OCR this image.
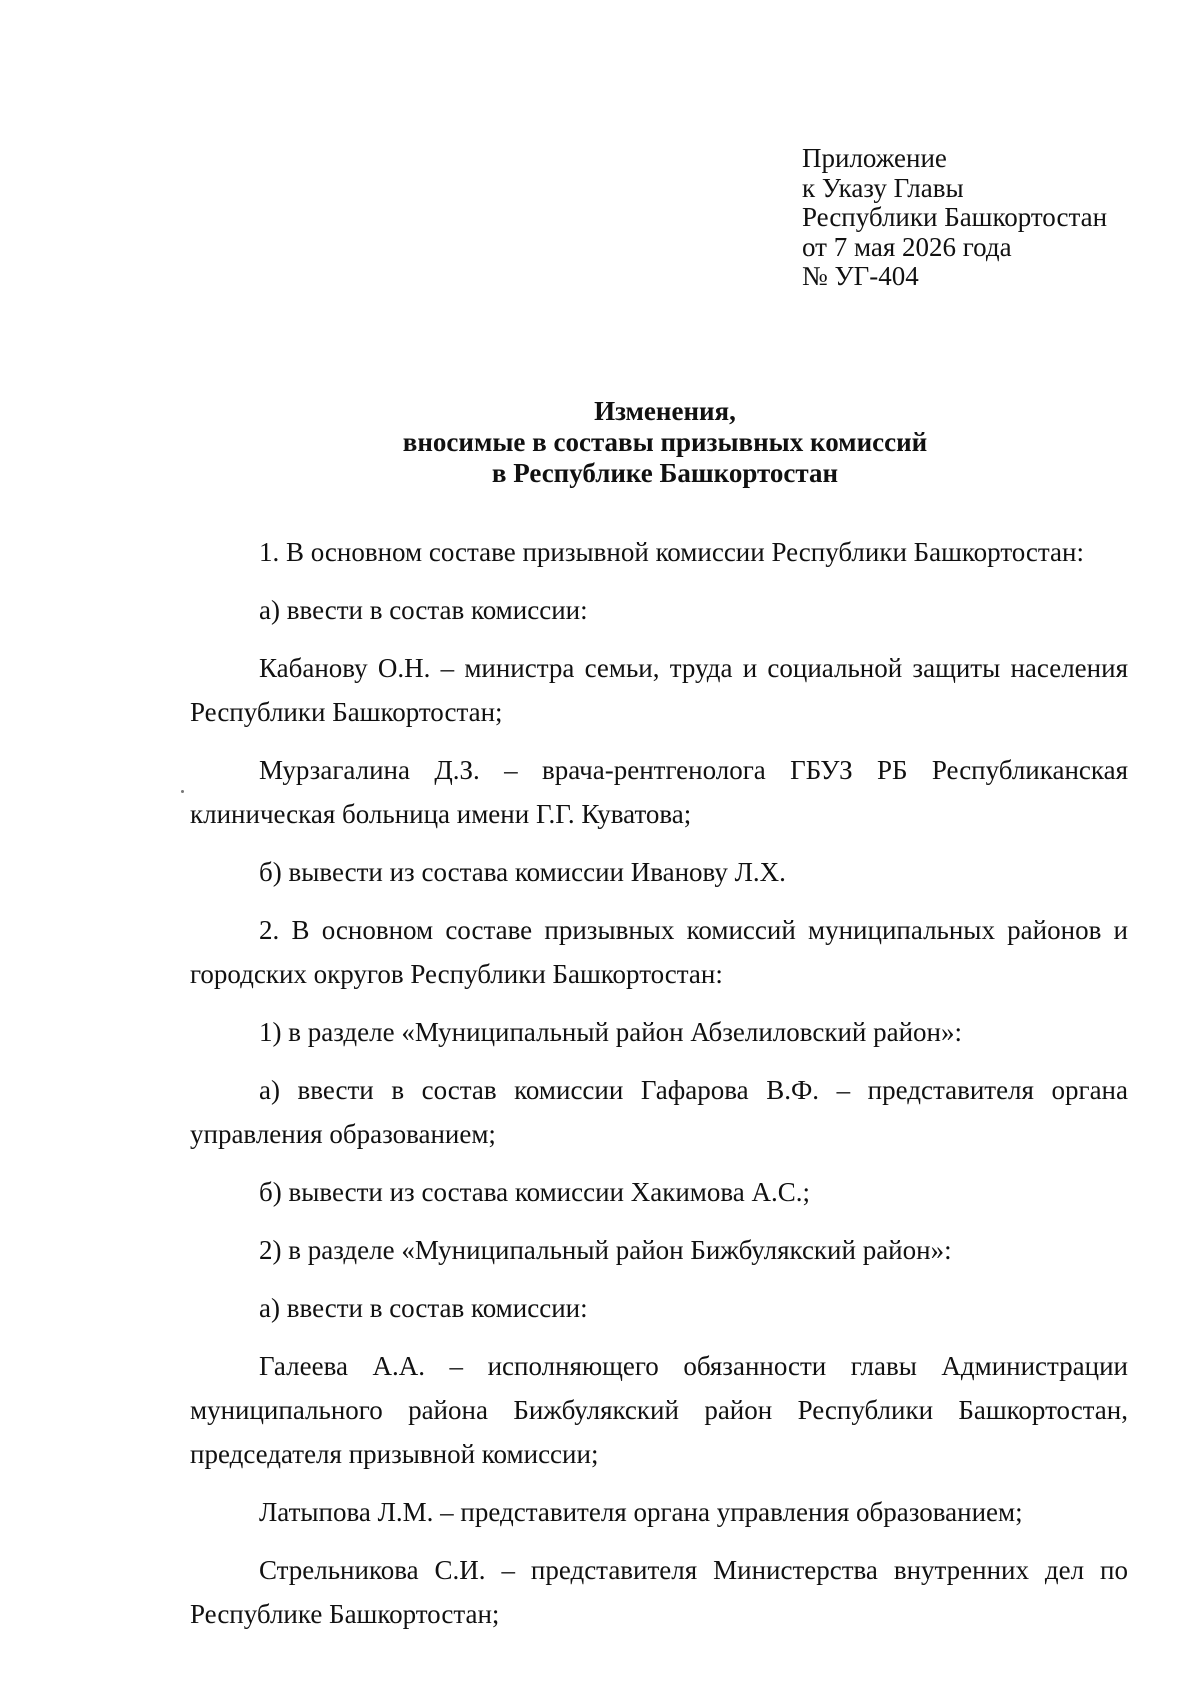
Приложение
к Указу Главы
Республики Башкортостан
от 7 мая 2026 года
№ УГ-404
Изменения,
вносимые в составы призывных комиссий
в Республике Башкортостан

1. В основном составе призывной комиссии Республики Башкортостан:

а) ввести в состав комиссии:

Кабанову О.Н. – министра семьи, труда и социальной защиты населения Республики Башкортостан;

Мурзагалина Д.З. – врача-рентгенолога ГБУЗ РБ Республиканская клиническая больница имени Г.Г. Куватова;

б) вывести из состава комиссии Иванову Л.Х.

2. В основном составе призывных комиссий муниципальных районов и городских округов Республики Башкортостан:

1) в разделе «Муниципальный район Абзелиловский район»:

а) ввести в состав комиссии Гафарова В.Ф. – представителя органа управления образованием;

б) вывести из состава комиссии Хакимова А.С.;

2) в разделе «Муниципальный район Бижбулякский район»:

а) ввести в состав комиссии:

Галеева А.А. – исполняющего обязанности главы Администрации муниципального района Бижбулякский район Республики Башкортостан, председателя призывной комиссии;

Латыпова Л.М. – представителя органа управления образованием;

Стрельникова С.И. – представителя Министерства внутренних дел по Республике Башкортостан;
